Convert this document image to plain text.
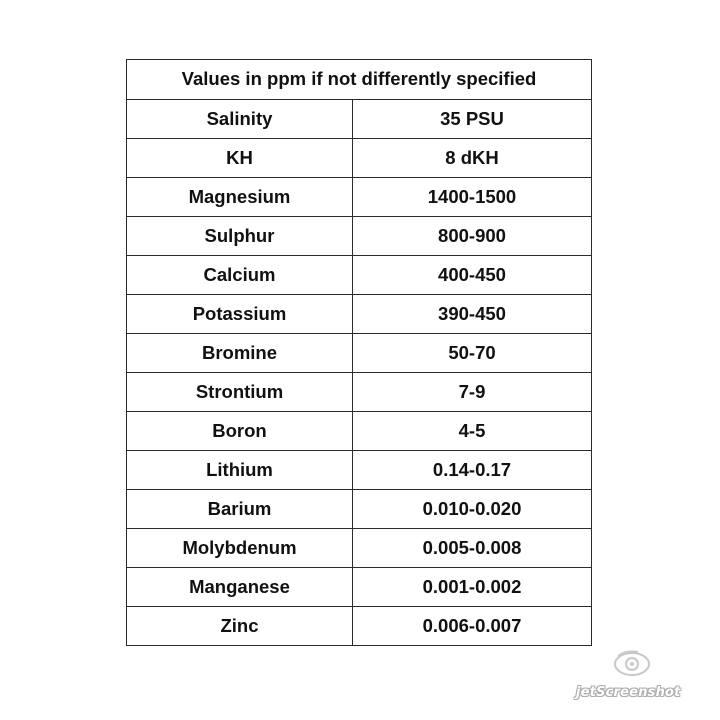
Values in ppm if not differently specified	
Salinity	35 PSU
KH	8 dKH
Magnesium	1400-1500
Sulphur	800-900
Calcium	400-450
Potassium	390-450
Bromine	50-70
Strontium	7-9
Boron	4-5
Lithium	0.14-0.17
Barium	0.010-0.020
Molybdenum	0.005-0.008
Manganese	0.001-0.002
Zinc	0.006-0.007
jetScreenshot
